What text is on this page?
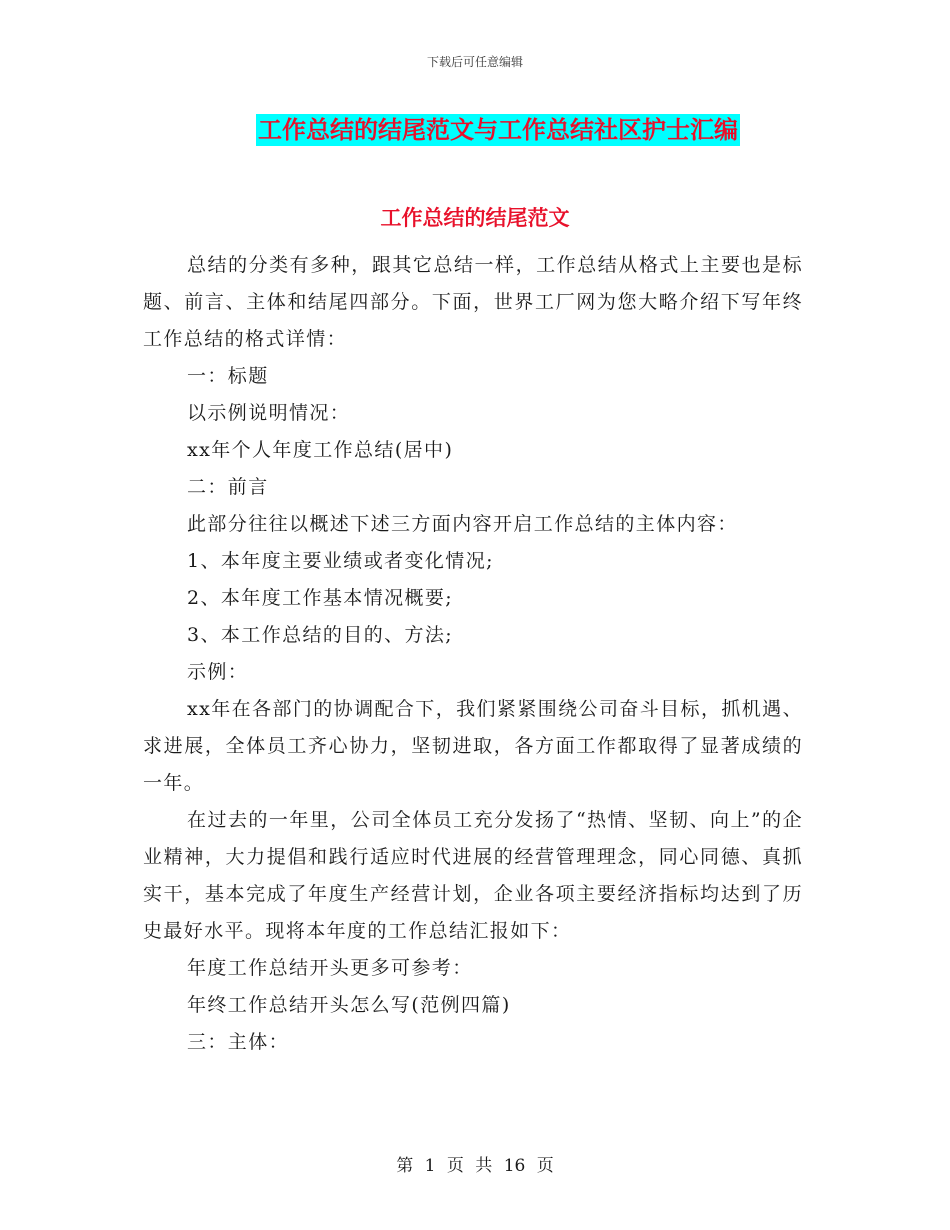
下载后可任意编辑
工作总结的结尾范文与工作总结社区护士汇编
工作总结的结尾范文

总结的分类有多种，跟其它总结一样，工作总结从格式上主要也是标题、前言、主体和结尾四部分。下面，世界工厂网为您大略介绍下写年终工作总结的格式详情：

一：标题

以示例说明情况：

xx年个人年度工作总结(居中)

二：前言

此部分往往以概述下述三方面内容开启工作总结的主体内容：

1、本年度主要业绩或者变化情况;

2、本年度工作基本情况概要;

3、本工作总结的目的、方法;

示例：

xx年在各部门的协调配合下，我们紧紧围绕公司奋斗目标，抓机遇、求进展，全体员工齐心协力，坚韧进取，各方面工作都取得了显著成绩的一年。

在过去的一年里，公司全体员工充分发扬了“热情、坚韧、向上”的企业精神，大力提倡和践行适应时代进展的经营管理理念，同心同德、真抓实干，基本完成了年度生产经营计划，企业各项主要经济指标均达到了历史最好水平。现将本年度的工作总结汇报如下：

年度工作总结开头更多可参考：

年终工作总结开头怎么写(范例四篇)

三：主体：

第 1 页 共 16 页
